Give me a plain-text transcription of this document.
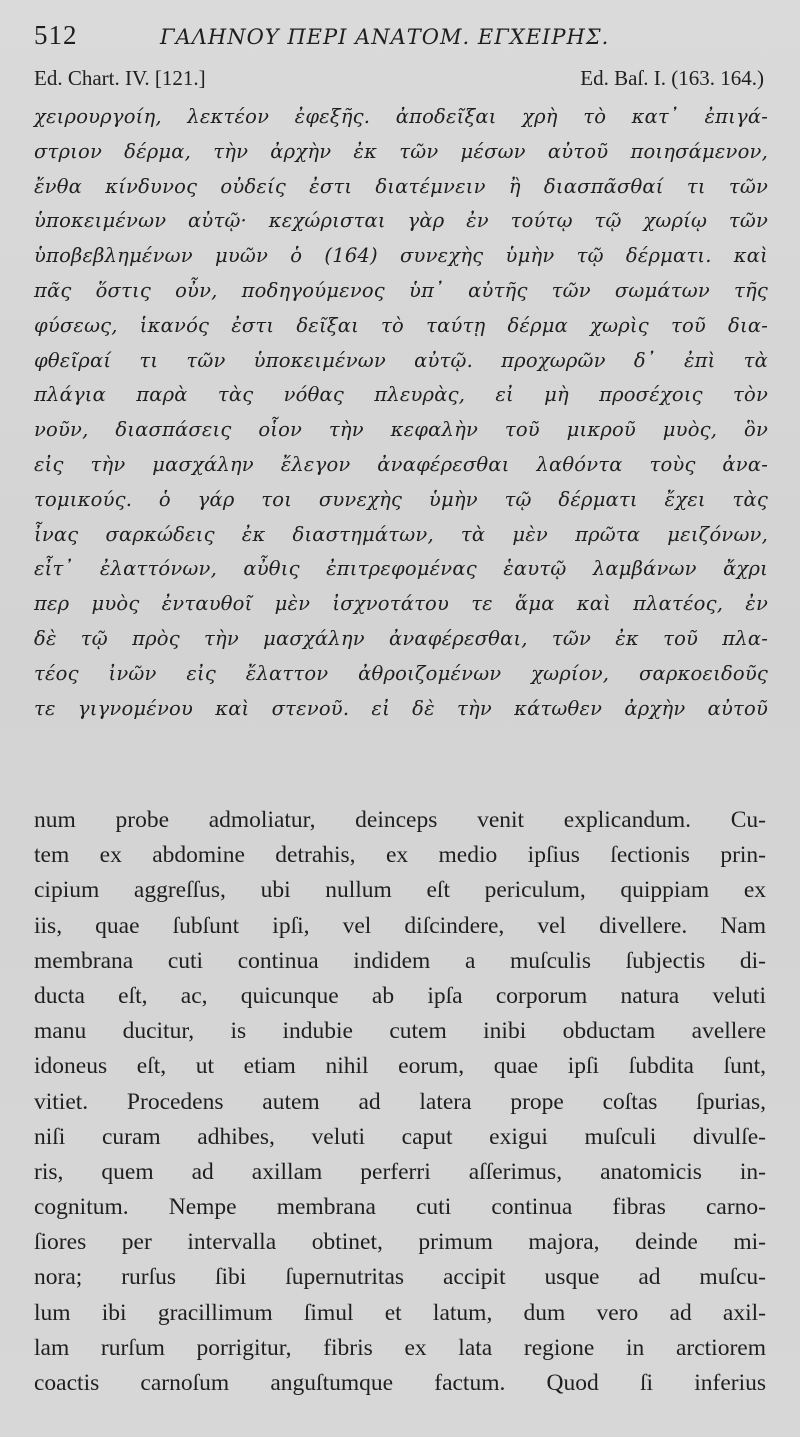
512	ΓΑΛΗΝΟΥ ΠΕΡΙ ΑΝΑΤΟΜ. ΕΓΧΕΙΡΗΣ.
Ed. Chart. IV. [121.]	Ed. Baſ. I. (163. 164.)
χειρουργοίη, λεκτέον ἐφεξῆς. ἀποδεῖξαι χρὴ τὸ κατ᾽ ἐπιγά-
στριον δέρμα, τὴν ἀρχὴν ἐκ τῶν μέσων αὐτοῦ ποιησάμενον,
ἔνθα κίνδυνος οὐδείς ἐστι διατέμνειν ἢ διασπᾶσθαί τι τῶν
ὑποκειμένων αὐτῷ· κεχώρισται γὰρ ἐν τούτῳ τῷ χωρίῳ τῶν
ὑποβεβλημένων μυῶν ὁ (164) συνεχὴς ὑμὴν τῷ δέρματι. καὶ
πᾶς ὅστις οὖν, ποδηγούμενος ὑπ᾽ αὐτῆς τῶν σωμάτων τῆς
φύσεως, ἱκανός ἐστι δεῖξαι τὸ ταύτῃ δέρμα χωρὶς τοῦ δια-
φθεῖραί τι τῶν ὑποκειμένων αὐτῷ. προχωρῶν δ᾽ ἐπὶ τὰ
πλάγια παρὰ τὰς νόθας πλευρὰς, εἰ μὴ προσέχοις τὸν
νοῦν, διασπάσεις οἷον τὴν κεφαλὴν τοῦ μικροῦ μυὸς, ὃν
εἰς τὴν μασχάλην ἔλεγον ἀναφέρεσθαι λαθόντα τοὺς ἀνα-
τομικούς. ὁ γάρ τοι συνεχὴς ὑμὴν τῷ δέρματι ἔχει τὰς
ἶνας σαρκώδεις ἐκ διαστημάτων, τὰ μὲν πρῶτα μειζόνων,
εἶτ᾽ ἐλαττόνων, αὖθις ἐπιτρεφομένας ἑαυτῷ λαμβάνων ἄχρι
περ μυὸς ἐνταυθοῖ μὲν ἰσχνοτάτου τε ἅμα καὶ πλατέος, ἐν
δὲ τῷ πρὸς τὴν μασχάλην ἀναφέρεσθαι, τῶν ἐκ τοῦ πλα-
τέος ἰνῶν εἰς ἔλαττον ἀθροιζομένων χωρίον, σαρκοειδοῦς
τε γιγνομένου καὶ στενοῦ. εἰ δὲ τὴν κάτωθεν ἀρχὴν αὐτοῦ
num probe admoliatur, deinceps venit explicandum. Cu-
tem ex abdomine detrahis, ex medio ipſius ſectionis prin-
cipium aggreſſus, ubi nullum eſt periculum, quippiam ex
iis, quae ſubſunt ipſi, vel diſcindere, vel divellere. Nam
membrana cuti continua indidem a muſculis ſubjectis di-
ducta eſt, ac, quicunque ab ipſa corporum natura veluti
manu ducitur, is indubie cutem inibi obductam avellere
idoneus eſt, ut etiam nihil eorum, quae ipſi ſubdita ſunt,
vitiet. Procedens autem ad latera prope coſtas ſpurias,
niſi curam adhibes, veluti caput exigui muſculi divulſe-
ris, quem ad axillam perferri aſſerimus, anatomicis in-
cognitum. Nempe membrana cuti continua fibras carno-
ſiores per intervalla obtinet, primum majora, deinde mi-
nora; rurſus ſibi ſupernutritas accipit usque ad muſcu-
lum ibi gracillimum ſimul et latum, dum vero ad axil-
lam rurſum porrigitur, fibris ex lata regione in arctiorem
coactis carnoſum anguſtumque factum. Quod ſi inferius
